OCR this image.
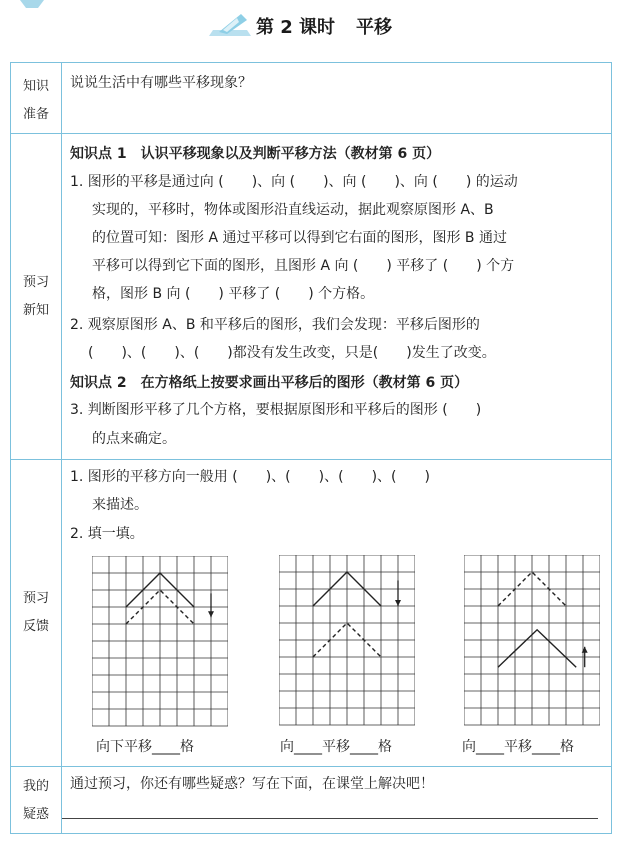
第 2 课时 平移
知识
准备
预习
新知
预习
反馈
我的
疑惑
说说生活中有哪些平移现象？
知识点 1　认识平移现象以及判断平移方法（教材第 6 页）
1. 图形的平移是通过向 (　　)、向 (　　)、向 (　　)、向 (　　) 的运动
实现的，平移时，物体或图形沿直线运动，据此观察原图形 A、B
的位置可知：图形 A 通过平移可以得到它右面的图形，图形 B 通过
平移可以得到它下面的图形，且图形 A 向 (　　) 平移了 (　　) 个方
格，图形 B 向 (　　) 平移了 (　　) 个方格。
2. 观察原图形 A、B 和平移后的图形，我们会发现：平移后图形的
(　　)、(　　)、(　　)都没有发生改变，只是(　　)发生了改变。
知识点 2　在方格纸上按要求画出平移后的图形（教材第 6 页）
3. 判断图形平移了几个方格，要根据原图形和平移后的图形 (　　)
的点来确定。
1. 图形的平移方向一般用 (　　)、(　　)、(　　)、(　　)
来描述。
2. 填一填。
向下平移____格	向____平移____格	向____平移____格
通过预习，你还有哪些疑惑？写在下面，在课堂上解决吧！
